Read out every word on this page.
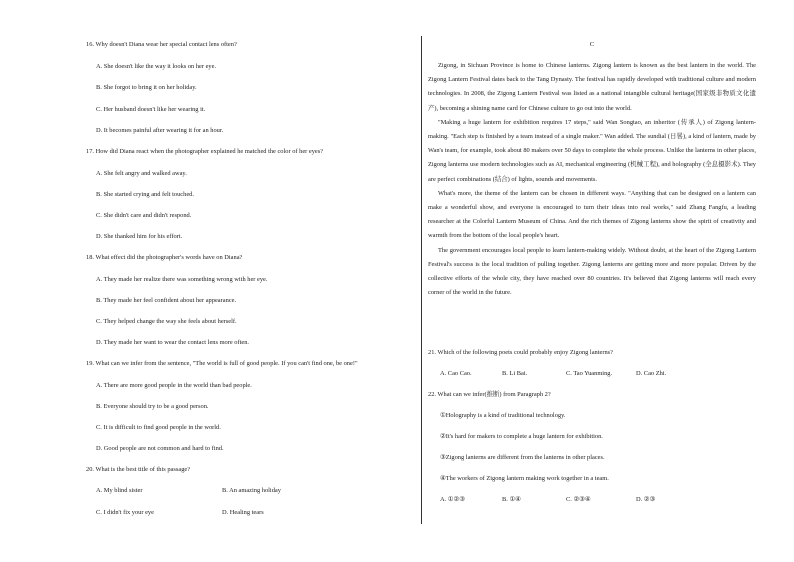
16. Why doesn't Diana wear her special contact lens often?
A. She doesn't like the way it looks on her eye.
B. She forgot to bring it on her holiday.
C. Her husband doesn't like her wearing it.
D. It becomes painful after wearing it for an hour.
17. How did Diana react when the photographer explained he matched the color of her eyes?
A. She felt angry and walked away.
B. She started crying and felt touched.
C. She didn't care and didn't respond.
D. She thanked him for his effort.
18. What effect did the photographer's words have on Diana?
A. They made her realize there was something wrong with her eye.
B. They made her feel confident about her appearance.
C. They helped change the way she feels about herself.
D. They made her want to wear the contact lens more often.
19. What can we infer from the sentence, "The world is full of good people. If you can't find one, be one!"
A. There are more good people in the world than bad people.
B. Everyone should try to be a good person.
C. It is difficult to find good people in the world.
D. Good people are not common and hard to find.
20. What is the best title of this passage?
A. My blind sister	B. An amazing holiday
C. I didn't fix your eye	D. Healing tears
C

Zigong, in Sichuan Province is home to Chinese lanterns. Zigong lantern is known as the best lantern in the world. The Zigong Lantern Festival dates back to the Tang Dynasty. The festival has rapidly developed with traditional culture and modern technologies. In 2008, the Zigong Lantern Festival was listed as a national intangible cultural heritage(国家级非物质文化遗产), becoming a shining name card for Chinese culture to go out into the world.

"Making a huge lantern for exhibition requires 17 steps," said Wan Songtao, an inheritor (传承人) of Zigong lantern-making. "Each step is finished by a team instead of a single maker." Wan added. The sundial (日晷), a kind of lantern, made by Wan's team, for example, took about 80 makers over 50 days to complete the whole process. Unlike the lanterns in other places, Zigong lanterns use modern technologies such as AI, mechanical engineering (机械工程), and holography (全息摄影术). They are perfect combinations (结合) of lights, sounds and movements.

What's more, the theme of the lantern can be chosen in different ways. "Anything that can be designed on a lantern can make a wonderful show, and everyone is encouraged to turn their ideas into real works," said Zhang Fangfu, a leading researcher at the Colorful Lantern Museum of China. And the rich themes of Zigong lanterns show the spirit of creativity and warmth from the bottom of the local people's heart.

The government encourages local people to learn lantern-making widely. Without doubt, at the heart of the Zigong Lantern Festival's success is the local tradition of pulling together. Zigong lanterns are getting more and more popular. Driven by the collective efforts of the whole city, they have reached over 80 countries. It's believed that Zigong lanterns will reach every corner of the world in the future.

21. Which of the following poets could probably enjoy Zigong lanterns?
A. Cao Cao.	B. Li Bai.	C. Tao Yuanming.	D. Cao Zhi.
22. What can we infer(推断) from Paragraph 2?
①Holography is a kind of traditional technology.
②It's hard for makers to complete a huge lantern for exhibition.
③Zigong lanterns are different from the lanterns in other places.
④The workers of Zigong lantern making work together in a team.
A. ①②③	B. ①④	C. ②③④	D. ②③
